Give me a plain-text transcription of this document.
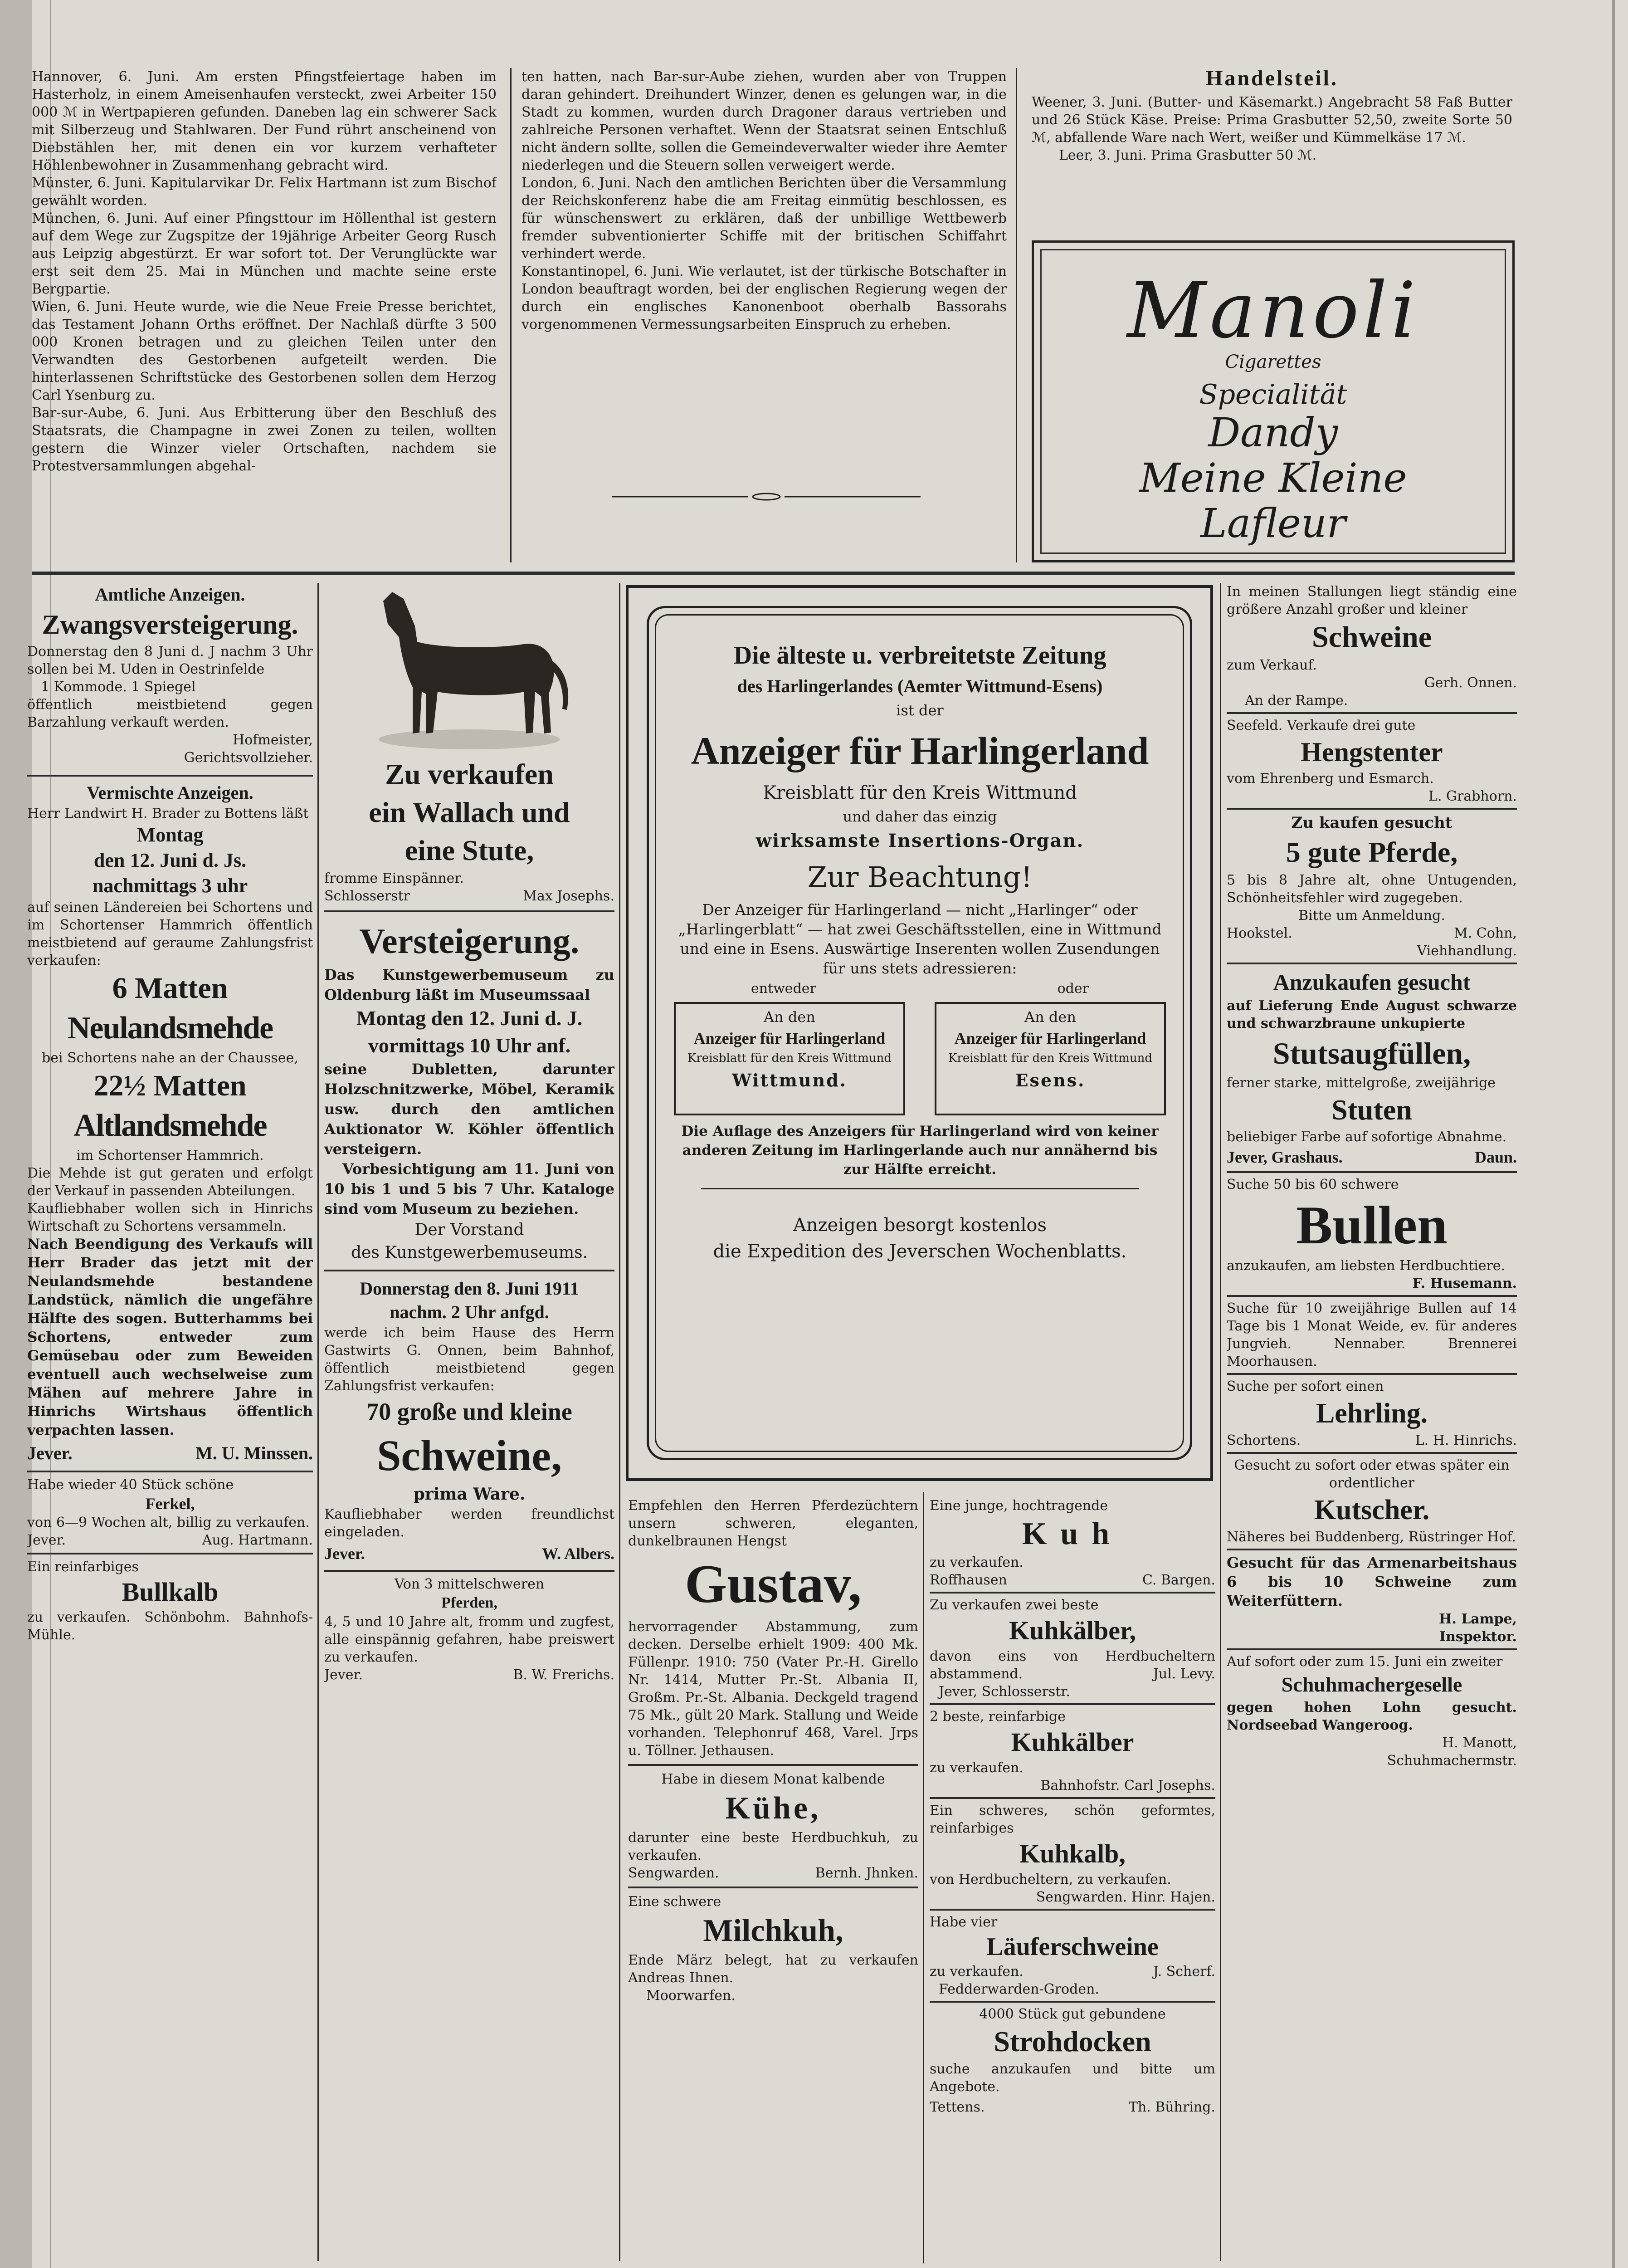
Hannover, 6. Juni. Am ersten Pfingstfeiertage haben im Hasterholz, in einem Ameisenhaufen versteckt, zwei Arbeiter 150 000 ℳ in Wertpapieren gefunden. Daneben lag ein schwerer Sack mit Silberzeug und Stahlwaren. Der Fund rührt anscheinend von Diebstählen her, mit denen ein vor kurzem verhafteter Höhlenbewohner in Zusammenhang gebracht wird.

Münster, 6. Juni. Kapitularvikar Dr. Felix Hartmann ist zum Bischof gewählt worden.

München, 6. Juni. Auf einer Pfingsttour im Höllenthal ist gestern auf dem Wege zur Zugspitze der 19jährige Arbeiter Georg Rusch aus Leipzig abgestürzt. Er war sofort tot. Der Verunglückte war erst seit dem 25. Mai in München und machte seine erste Bergpartie.

Wien, 6. Juni. Heute wurde, wie die Neue Freie Presse berichtet, das Testament Johann Orths eröffnet. Der Nachlaß dürfte 3 500 000 Kronen betragen und zu gleichen Teilen unter den Verwandten des Gestorbenen aufgeteilt werden. Die hinterlassenen Schriftstücke des Gestorbenen sollen dem Herzog Carl Ysenburg zu.

Bar-sur-Aube, 6. Juni. Aus Erbitterung über den Beschluß des Staatsrats, die Champagne in zwei Zonen zu teilen, wollten gestern die Winzer vieler Ortschaften, nachdem sie Protestversammlungen abgehal-

ten hatten, nach Bar-sur-Aube ziehen, wurden aber von Truppen daran gehindert. Dreihundert Winzer, denen es gelungen war, in die Stadt zu kommen, wurden durch Dragoner daraus vertrieben und zahlreiche Personen verhaftet. Wenn der Staatsrat seinen Entschluß nicht ändern sollte, sollen die Gemeindeverwalter wieder ihre Aemter niederlegen und die Steuern sollen verweigert werde.

London, 6. Juni. Nach den amtlichen Berichten über die Versammlung der Reichskonferenz habe die am Freitag einmütig beschlossen, es für wünschenswert zu erklären, daß der unbillige Wettbewerb fremder subventionierter Schiffe mit der britischen Schiffahrt verhindert werde.

Konstantinopel, 6. Juni. Wie verlautet, ist der türkische Botschafter in London beauftragt worden, bei der englischen Regierung wegen der durch ein englisches Kanonenboot oberhalb Bassorahs vorgenommenen Vermessungsarbeiten Einspruch zu erheben.

Handelsteil.

Weener, 3. Juni. (Butter- und Käsemarkt.) Angebracht 58 Faß Butter und 26 Stück Käse. Preise: Prima Grasbutter 52,50, zweite Sorte 50 ℳ, abfallende Ware nach Wert, weißer und Kümmelkäse 17 ℳ.

Leer, 3. Juni. Prima Grasbutter 50 ℳ.

Manoli
Cigarettes
Specialität
Dandy
Meine Kleine
Lafleur
Amtliche Anzeigen.
Zwangsversteigerung.

Donnerstag den 8 Juni d. J nachm 3 Uhr sollen bei M. Uden in Oestrinfelde

1 Kommode. 1 Spiegel

öffentlich meistbietend gegen Barzahlung verkauft werden.

Hofmeister,
Gerichtsvollzieher.
Vermischte Anzeigen.

Herr Landwirt H. Brader zu Bottens läßt

Montag
den 12. Juni d. Js.
nachmittags 3 uhr

auf seinen Ländereien bei Schortens und im Schortenser Hammrich öffentlich meistbietend auf geraume Zahlungsfrist verkaufen:

6 Matten
Neulandsmehde

bei Schortens nahe an der Chaussee,

22½ Matten
Altlandsmehde

im Schortenser Hammrich.

Die Mehde ist gut geraten und erfolgt der Verkauf in passenden Abteilungen.

Kaufliebhaber wollen sich in Hinrichs Wirtschaft zu Schortens versammeln.

Nach Beendigung des Verkaufs will Herr Brader das jetzt mit der Neulandsmehde bestandene Landstück, nämlich die ungefähre Hälfte des sogen. Butterhamms bei Schortens, entweder zum Gemüsebau oder zum Beweiden eventuell auch wechselweise zum Mähen auf mehrere Jahre in Hinrichs Wirtshaus öffentlich verpachten lassen.

Jever.	M. U. Minssen.

Habe wieder 40 Stück schöne

Ferkel,

von 6—9 Wochen alt, billig zu verkaufen.

Jever.	Aug. Hartmann.

Ein reinfarbiges

Bullkalb

zu verkaufen. Schönbohm. Bahnhofs-Mühle.

Zu verkaufen
ein Wallach und
eine Stute,

fromme Einspänner.

Schlosserstr	Max Josephs.
Versteigerung.

Das Kunstgewerbemuseum zu Oldenburg läßt im Museumssaal

Montag den 12. Juni d. J.
vormittags 10 Uhr anf.

seine Dubletten, darunter Holzschnitzwerke, Möbel, Keramik usw. durch den amtlichen Auktionator W. Köhler öffentlich versteigern.

Vorbesichtigung am 11. Juni von 10 bis 1 und 5 bis 7 Uhr. Kataloge sind vom Museum zu beziehen.

Der Vorstand
des Kunstgewerbemuseums.
Donnerstag den 8. Juni 1911
nachm. 2 Uhr anfgd.

werde ich beim Hause des Herrn Gastwirts G. Onnen, beim Bahnhof, öffentlich meistbietend gegen Zahlungsfrist verkaufen:

70 große und kleine
Schweine,
prima Ware.

Kaufliebhaber werden freundlichst eingeladen.

Jever.	W. Albers.

Von 3 mittelschweren

Pferden,

4, 5 und 10 Jahre alt, fromm und zugfest, alle einspännig gefahren, habe preiswert zu verkaufen.

Jever.	B. W. Frerichs.
Die älteste u. verbreitetste Zeitung
des Harlingerlandes (Aemter Wittmund-Esens)
ist der
Anzeiger für Harlingerland
Kreisblatt für den Kreis Wittmund
und daher das einzig
wirksamste Insertions-Organ.
Zur Beachtung!

Der Anzeiger für Harlingerland — nicht „Harlinger“ oder „Harlingerblatt“ — hat zwei Geschäftsstellen, eine in Wittmund und eine in Esens. Auswärtige Inserenten wollen Zusendungen für uns stets adressieren:

entweder	oder
An den
Anzeiger für Harlingerland
Kreisblatt für den Kreis Wittmund
Wittmund.
An den
Anzeiger für Harlingerland
Kreisblatt für den Kreis Wittmund
Esens.

Die Auflage des Anzeigers für Harlingerland wird von keiner anderen Zeitung im Harlingerlande auch nur annähernd bis zur Hälfte erreicht.

Anzeigen besorgt kostenlos
die Expedition des Jeverschen Wochenblatts.

Empfehlen den Herren Pferdezüchtern unsern schweren, eleganten, dunkelbraunen Hengst

Gustav,

hervorragender Abstammung, zum decken. Derselbe erhielt 1909: 400 Mk. Füllenpr. 1910: 750 (Vater Pr.-H. Girello Nr. 1414, Mutter Pr.-St. Albania II, Großm. Pr.-St. Albania. Deckgeld tragend 75 Mk., gült 20 Mark. Stallung und Weide vorhanden. Telephonruf 468, Varel. Jrps u. Töllner. Jethausen.

Habe in diesem Monat kalbende

Kühe,

darunter eine beste Herdbuchkuh, zu verkaufen.

Sengwarden.	Bernh. Jhnken.

Eine schwere

Milchkuh,

Ende März belegt, hat zu verkaufen Andreas Ihnen.

Moorwarfen.

Eine junge, hochtragende

Kuh

zu verkaufen.

Roffhausen	C. Bargen.

Zu verkaufen zwei beste

Kuhkälber,

davon eins von Herdbucheltern abstammend.	Jul. Levy.
Jever, Schlosserstr.

2 beste, reinfarbige

Kuhkälber

zu verkaufen.

Bahnhofstr. Carl Josephs.

Ein schweres, schön geformtes, reinfarbiges

Kuhkalb,

von Herdbucheltern, zu verkaufen.

Sengwarden. Hinr. Hajen.

Habe vier

Läuferschweine

zu verkaufen.	J. Scherf.
Fedderwarden-Groden.

4000 Stück gut gebundene

Strohdocken

suche anzukaufen und bitte um Angebote.

Tettens.	Th. Bühring.

In meinen Stallungen liegt ständig eine größere Anzahl großer und kleiner

Schweine

zum Verkauf.

Gerh. Onnen.
An der Rampe.

Seefeld. Verkaufe drei gute

Hengstenter

vom Ehrenberg und Esmarch.

L. Grabhorn.
Zu kaufen gesucht
5 gute Pferde,

5 bis 8 Jahre alt, ohne Untugenden, Schönheitsfehler wird zugegeben.

Bitte um Anmeldung.

Hookstel.	M. Cohn,
Viehhandlung.
Anzukaufen gesucht

auf Lieferung Ende August schwarze und schwarzbraune unkupierte

Stutsaugfüllen,

ferner starke, mittelgroße, zweijährige

Stuten

beliebiger Farbe auf sofortige Abnahme.

Jever, Grashaus.	Daun.

Suche 50 bis 60 schwere

Bullen

anzukaufen, am liebsten Herdbuchtiere.

F. Husemann.

Suche für 10 zweijährige Bullen auf 14 Tage bis 1 Monat Weide, ev. für anderes Jungvieh. Nennaber. Brennerei Moorhausen.

Suche per sofort einen

Lehrling.
Schortens.	L. H. Hinrichs.

Gesucht zu sofort oder etwas später ein ordentlicher

Kutscher.

Näheres bei Buddenberg, Rüstringer Hof.

Gesucht für das Armenarbeitshaus 6 bis 10 Schweine zum Weiterfüttern.

H. Lampe,
Inspektor.

Auf sofort oder zum 15. Juni ein zweiter

Schuhmachergeselle

gegen hohen Lohn gesucht. Nordseebad Wangeroog.

H. Manott,
Schuhmachermstr.
